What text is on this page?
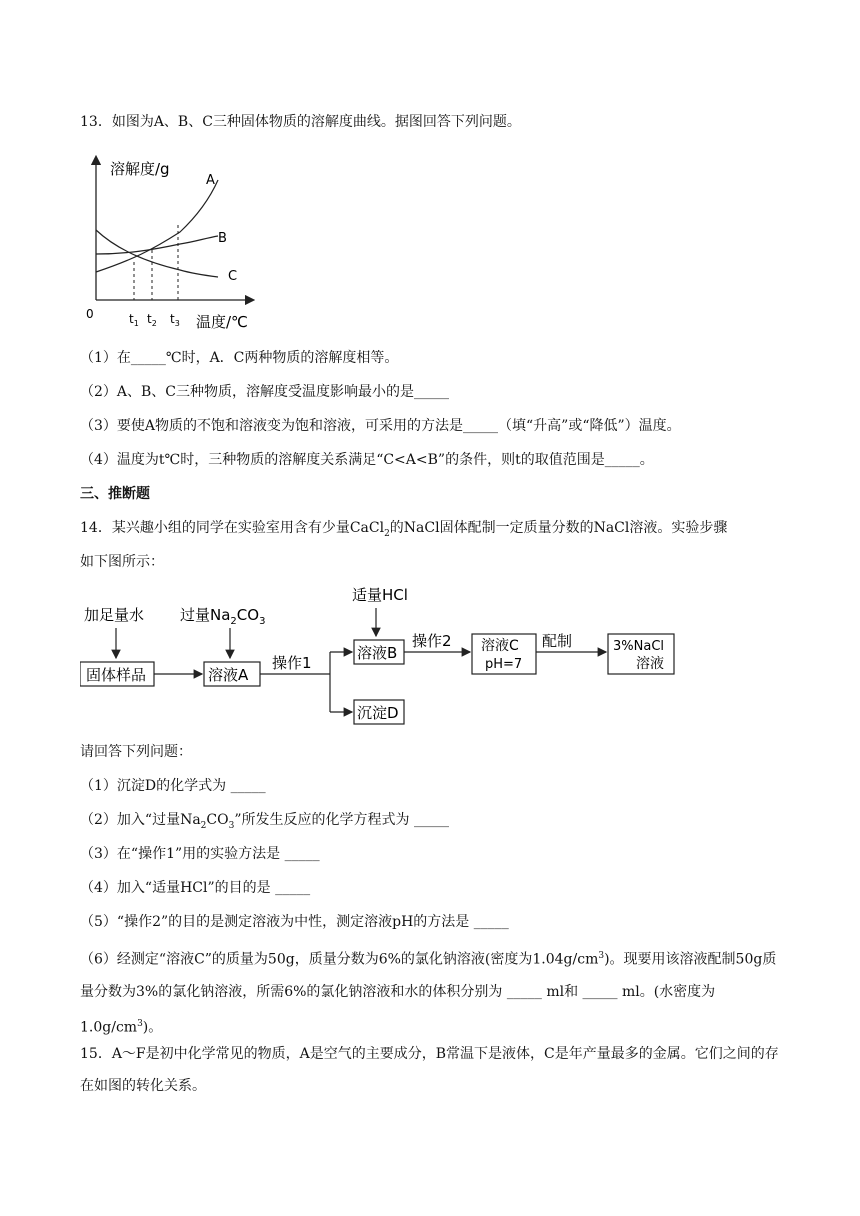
13．如图为A、B、C三种固体物质的溶解度曲线。据图回答下列问题。
溶解度/g
A
B
C
0	$t_1$ $t_2$ $t_3$ 温度/℃
（1）在_____℃时，A．C两种物质的溶解度相等。
（2）A、B、C三种物质，溶解度受温度影响最小的是_____
（3）要使A物质的不饱和溶液变为饱和溶液，可采用的方法是_____（填“升高”或“降低”）温度。
（4）温度为t℃时，三种物质的溶解度关系满足“C<A<B”的条件，则t的取值范围是_____。
三、推断题
14．某兴趣小组的同学在实验室用含有少量CaCl$_2$的NaCl固体配制一定质量分数的NaCl溶液。实验步骤
如下图所示：
加足量水 过量$Na_2CO_3$
适量HCl
固体样品	溶液A
操作1
溶液B
沉淀D
操作2 溶液C
pH=7
配制	3%NaCl
溶液
请回答下列问题：
（1）沉淀D的化学式为 _____
（2）加入“过量$Na_2CO_3$”所发生反应的化学方程式为 _____
（3）在“操作1”用的实验方法是 _____
（4）加入“适量HCl”的目的是 _____
（5）“操作2”的目的是测定溶液为中性，测定溶液pH的方法是 _____
（6）经测定“溶液C”的质量为50g，质量分数为6%的氯化钠溶液(密度为$1.04g/cm^3$)。现要用该溶液配制50g质量分数为3%的氯化钠溶液，所需6%的氯化钠溶液和水的体积分别为 _____ ml和 _____ ml。(水密度为$1.0g/cm^3$)。
15．A～F是初中化学常见的物质，A是空气的主要成分，B常温下是液体，C是年产量最多的金属。它们之间的存在如图的转化关系。
